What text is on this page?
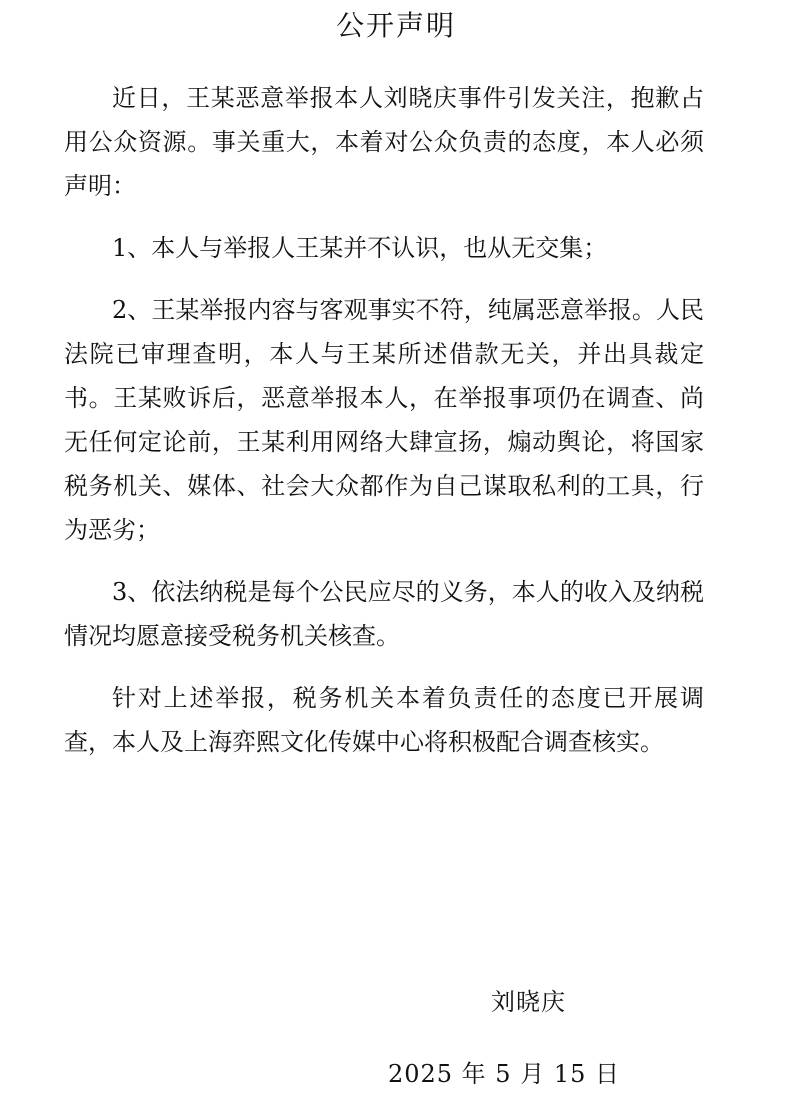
公开声明

近日，王某恶意举报本人刘晓庆事件引发关注，抱歉占用公众资源。事关重大，本着对公众负责的态度，本人必须声明：

1、本人与举报人王某并不认识，也从无交集；

2、王某举报内容与客观事实不符，纯属恶意举报。人民法院已审理查明，本人与王某所述借款无关，并出具裁定书。王某败诉后，恶意举报本人，在举报事项仍在调查、尚无任何定论前，王某利用网络大肆宣扬，煽动舆论，将国家税务机关、媒体、社会大众都作为自己谋取私利的工具，行为恶劣；

3、依法纳税是每个公民应尽的义务，本人的收入及纳税情况均愿意接受税务机关核查。

针对上述举报，税务机关本着负责任的态度已开展调查，本人及上海弈熙文化传媒中心将积极配合调查核实。

刘晓庆
2025 年 5 月 15 日
